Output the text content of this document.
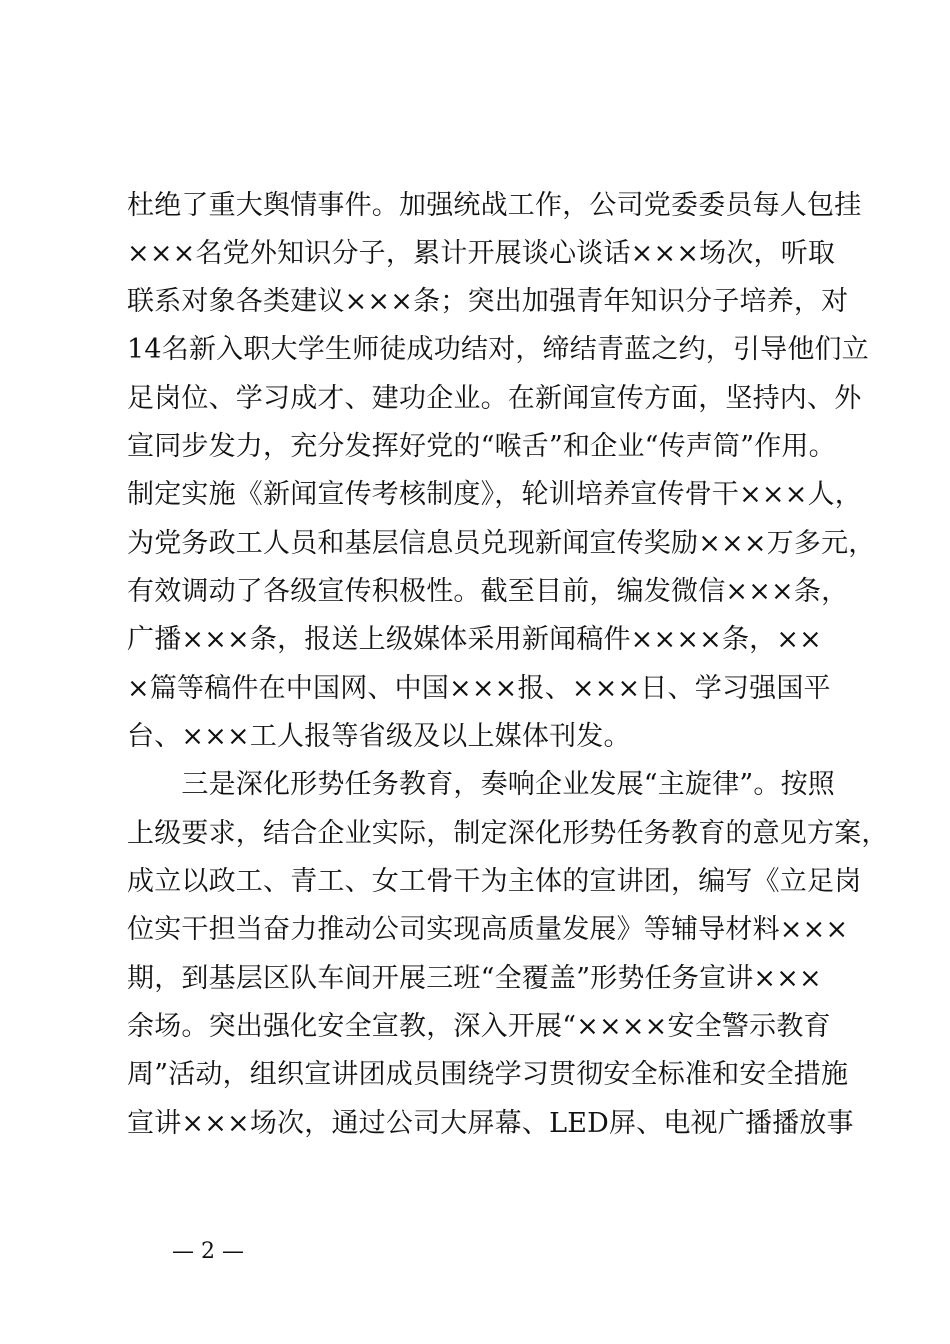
杜绝了重大舆情事件。加强统战工作，公司党委委员每人包挂
×××名党外知识分子，累计开展谈心谈话×××场次，听取
联系对象各类建议×××条；突出加强青年知识分子培养，对
14名新入职大学生师徒成功结对，缔结青蓝之约，引导他们立
足岗位、学习成才、建功企业。在新闻宣传方面，坚持内、外
宣同步发力，充分发挥好党的“喉舌”和企业“传声筒”作用。
制定实施《新闻宣传考核制度》，轮训培养宣传骨干×××人，
为党务政工人员和基层信息员兑现新闻宣传奖励×××万多元，
有效调动了各级宣传积极性。截至目前，编发微信×××条，
广播×××条，报送上级媒体采用新闻稿件××××条，××
×篇等稿件在中国网、中国×××报、×××日、学习强国平
台、×××工人报等省级及以上媒体刊发。
　　三是深化形势任务教育，奏响企业发展“主旋律”。按照
上级要求，结合企业实际，制定深化形势任务教育的意见方案，
成立以政工、青工、女工骨干为主体的宣讲团，编写《立足岗
位实干担当奋力推动公司实现高质量发展》等辅导材料×××
期，到基层区队车间开展三班“全覆盖”形势任务宣讲×××
余场。突出强化安全宣教，深入开展“××××安全警示教育
周”活动，组织宣讲团成员围绕学习贯彻安全标准和安全措施
宣讲×××场次，通过公司大屏幕、LED屏、电视广播播放事
— 2 —
